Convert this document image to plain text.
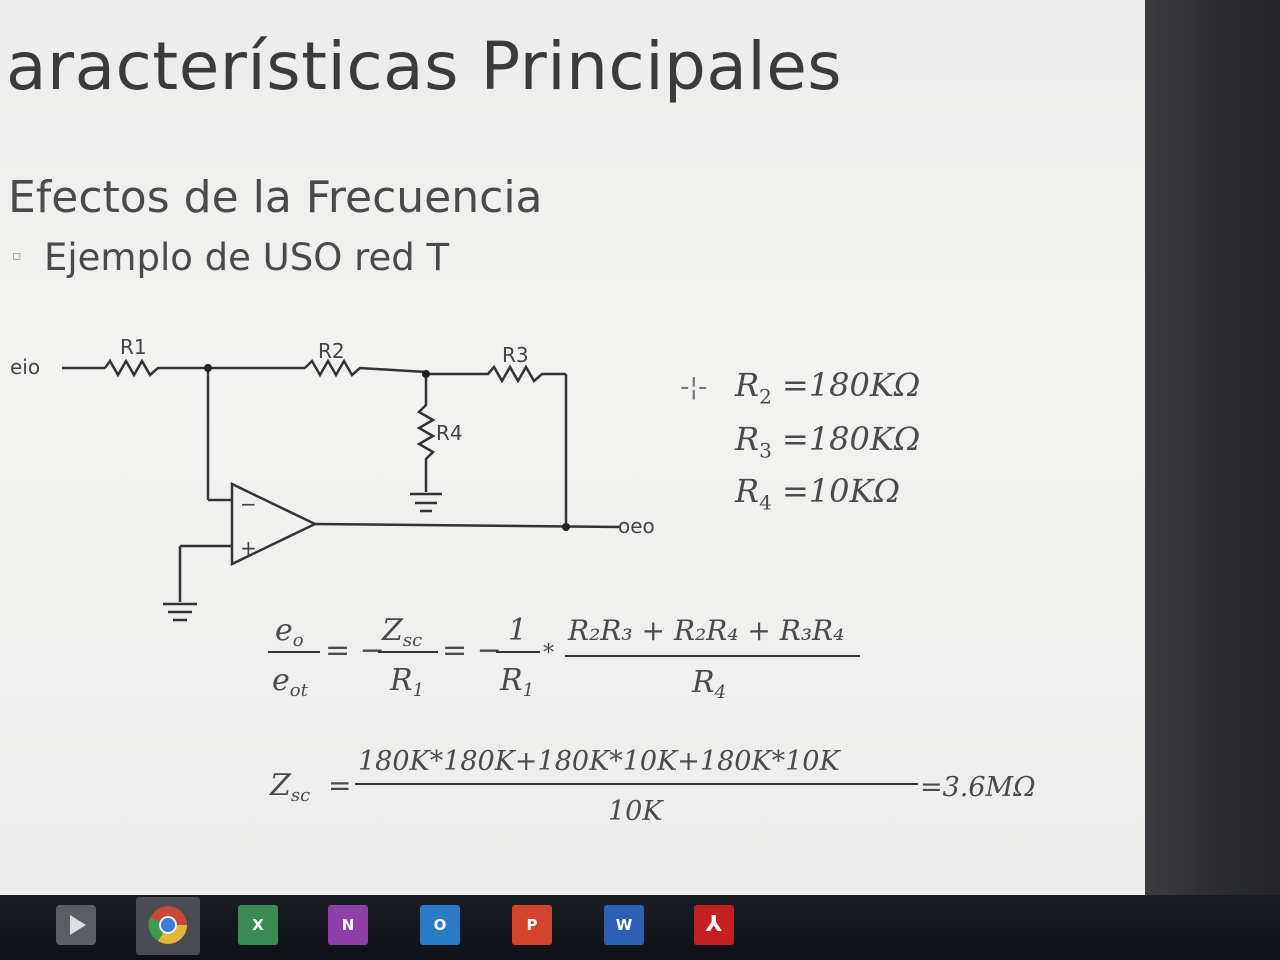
aracterísticas Principales
Efectos de la Frecuencia
▫ Ejemplo de USO red T
eio
R1	R2	R3
R4
−
+
oeo
$e_o$
$e_{ot}$
= −
$Z_{sc}$
$R_1$
= −
1
$R_1$
*
R₂R₃ + R₂R₄ + R₃R₄
$R_4$
$Z_{sc}$ =
180K*180K+180K*10K+180K*10K
10K
=3.6MΩ
-¦- $R_2 =180K\Omega$
$R_3 =180K\Omega$
$R_4 =10K\Omega$
X	N	O	P	W	⅄
